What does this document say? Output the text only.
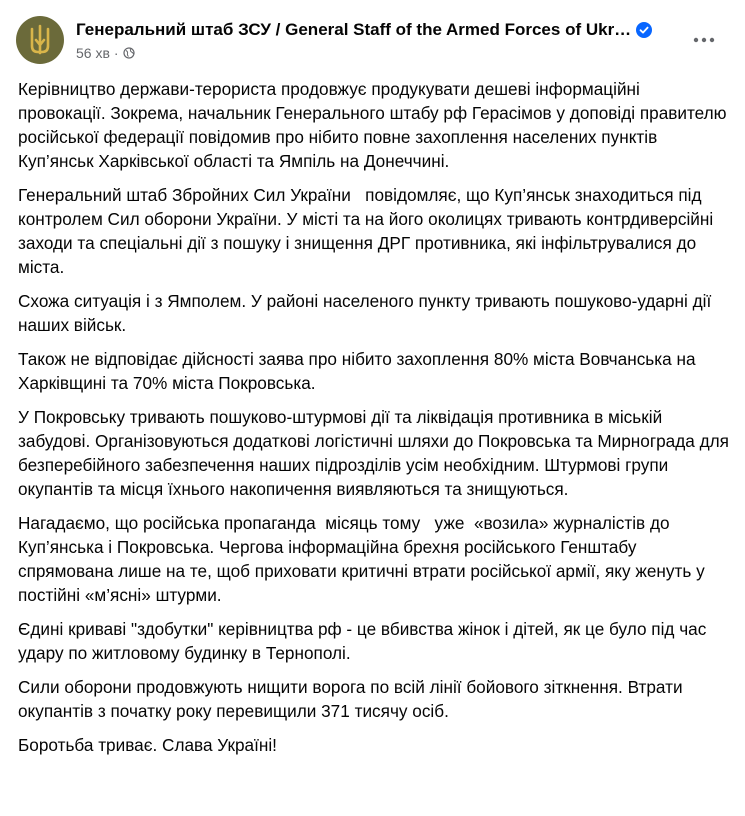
Генеральний штаб ЗСУ / General Staff of the Armed Forces of Ukr…
56 хв ·

Керівництво держави-терориста продовжує продукувати дешеві інформаційні провокації. Зокрема, начальник Генерального штабу рф Герасімов у доповіді правителю російської федерації повідомив про нібито повне захоплення населених пунктів Куп’янськ Харківської області та Ямпіль на Донеччині.

Генеральний штаб Збройних Сил України   повідомляє, що Куп’янськ знаходиться під контролем Сил оборони України. У місті та на його околицях тривають контрдиверсійні заходи та спеціальні дії з пошуку і знищення ДРГ противника, які інфільтрувалися до міста.

Схожа ситуація і з Ямполем. У районі населеного пункту тривають пошуково-ударні дії наших військ.

Також не відповідає дійсності заява про нібито захоплення 80% міста Вовчанська на Харківщині та 70% міста Покровська.

У Покровську тривають пошуково-штурмові дії та ліквідація противника в міській забудові. Організовуються додаткові логістичні шляхи до Покровська та Мирнограда для безперебійного забезпечення наших підрозділів усім необхідним. Штурмові групи окупантів та місця їхнього накопичення виявляються та знищуються.

Нагадаємо, що російська пропаганда  місяць тому   уже  «возила» журналістів до Куп’янська і Покровська. Чергова інформаційна брехня російського Генштабу спрямована лише на те, щоб приховати критичні втрати російської армії, яку женуть у постійні «м’ясні» штурми.

Єдині криваві "здобутки" керівництва рф - це вбивства жінок і дітей, як це було під час удару по житловому будинку в Тернополі.

Сили оборони продовжують нищити ворога по всій лінії бойового зіткнення. Втрати окупантів з початку року перевищили 371 тисячу осіб.

Боротьба триває. Слава Україні!
